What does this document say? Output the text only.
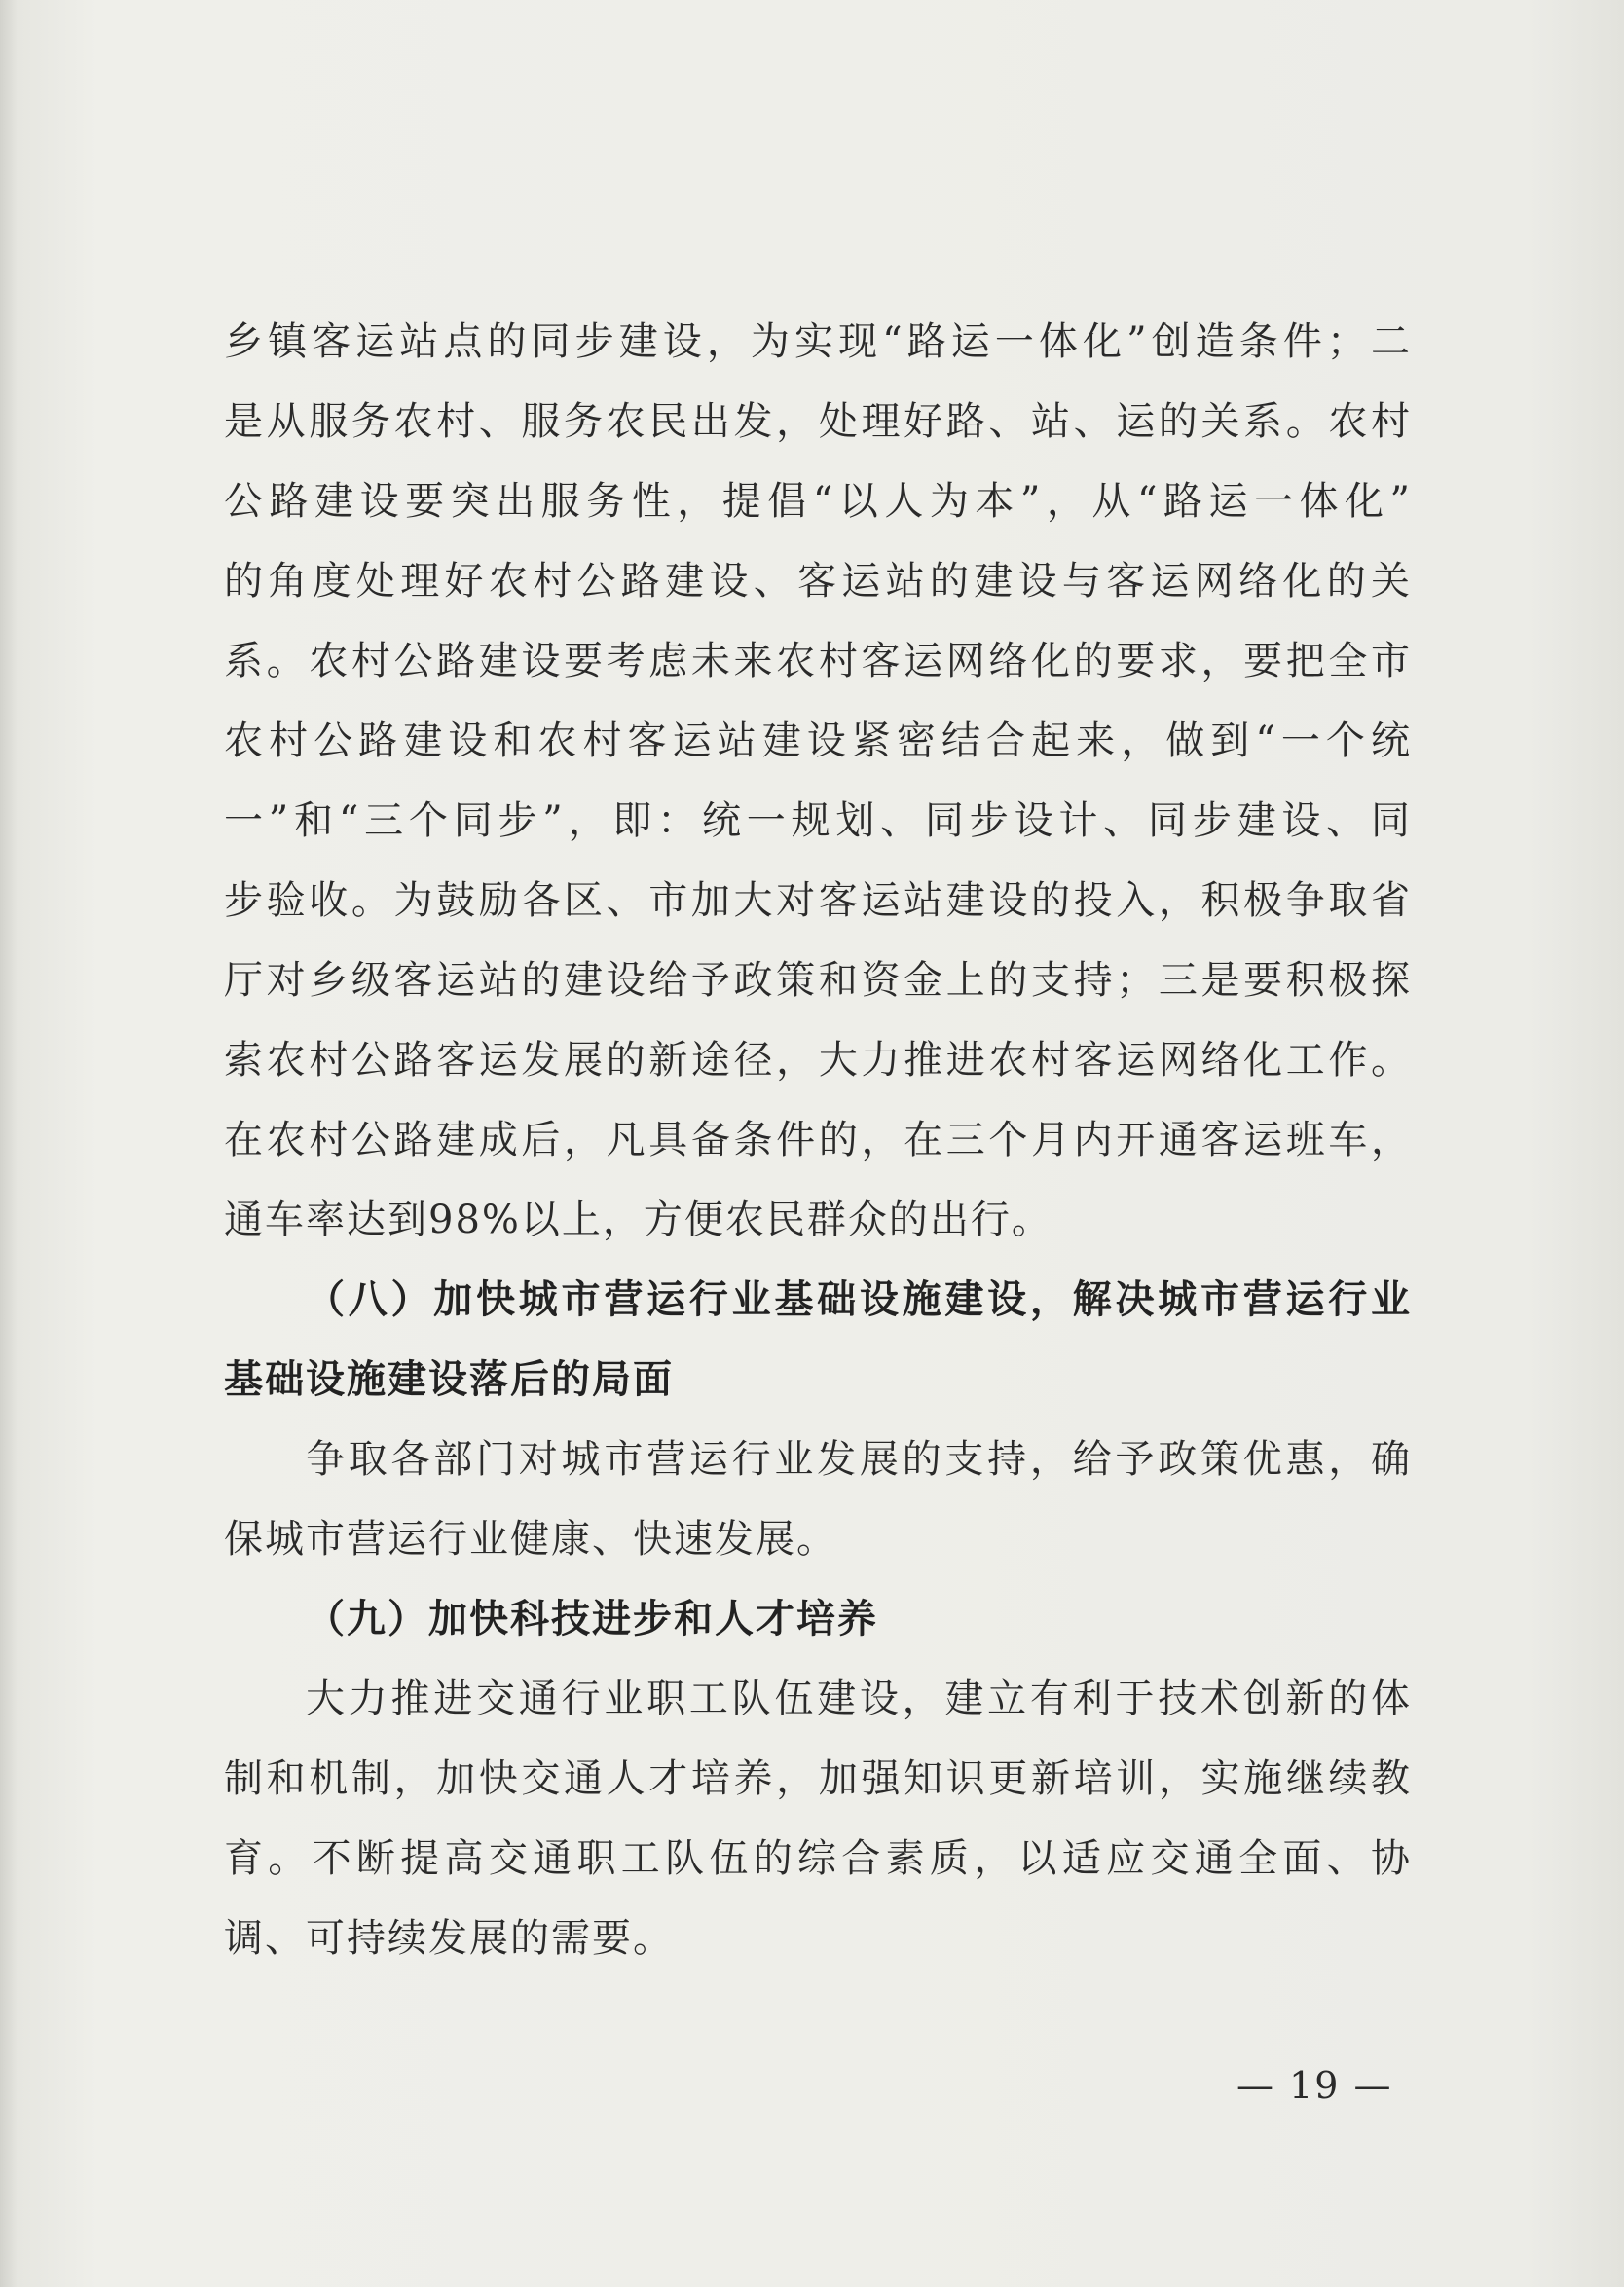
乡镇客运站点的同步建设，为实现“路运一体化”创造条件；二
是从服务农村、服务农民出发，处理好路、站、运的关系。农村
公路建设要突出服务性，提倡“以人为本”，从“路运一体化”
的角度处理好农村公路建设、客运站的建设与客运网络化的关
系。农村公路建设要考虑未来农村客运网络化的要求，要把全市
农村公路建设和农村客运站建设紧密结合起来，做到“一个统
一”和“三个同步”，即：统一规划、同步设计、同步建设、同
步验收。为鼓励各区、市加大对客运站建设的投入，积极争取省
厅对乡级客运站的建设给予政策和资金上的支持；三是要积极探
索农村公路客运发展的新途径，大力推进农村客运网络化工作。
在农村公路建成后，凡具备条件的，在三个月内开通客运班车，
通车率达到98%以上，方便农民群众的出行。
（八）加快城市营运行业基础设施建设，解决城市营运行业
基础设施建设落后的局面
争取各部门对城市营运行业发展的支持，给予政策优惠，确
保城市营运行业健康、快速发展。
（九）加快科技进步和人才培养
大力推进交通行业职工队伍建设，建立有利于技术创新的体
制和机制，加快交通人才培养，加强知识更新培训，实施继续教
育。不断提高交通职工队伍的综合素质，以适应交通全面、协
调、可持续发展的需要。
— 19 —
